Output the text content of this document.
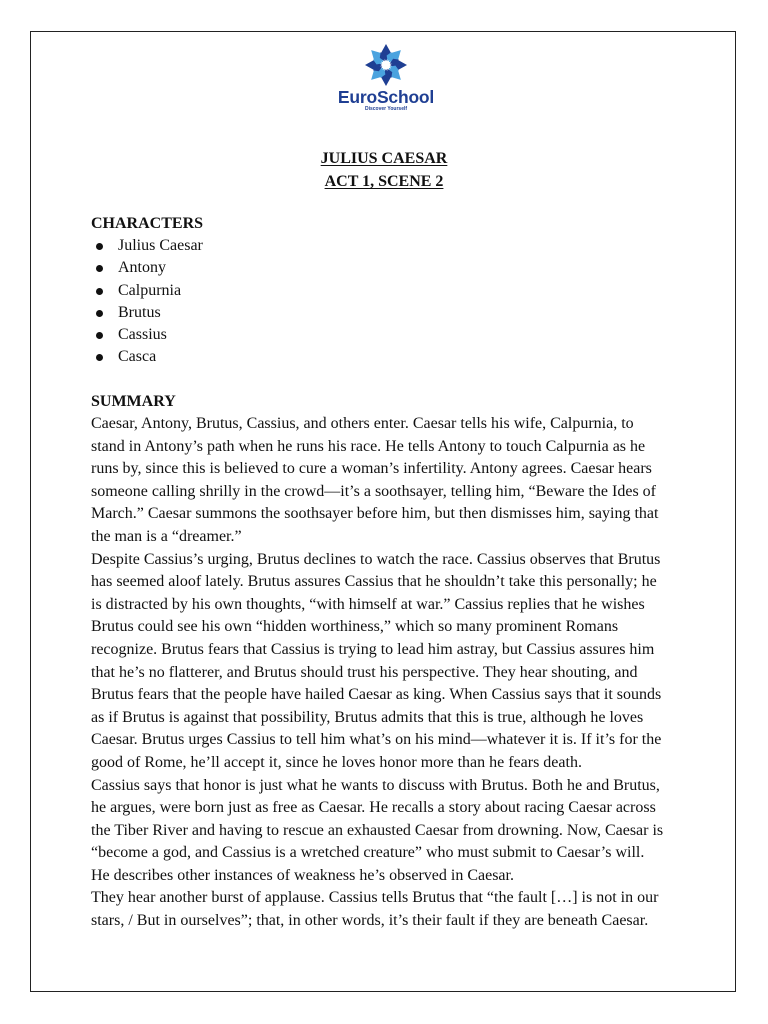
EuroSchool
Discover Yourself
JULIUS CAESAR
ACT 1, SCENE 2
CHARACTERS
Julius Caesar
Antony
Calpurnia
Brutus
Cassius
Casca
SUMMARY
Caesar, Antony, Brutus, Cassius, and others enter. Caesar tells his wife, Calpurnia, to
stand in Antony’s path when he runs his race. He tells Antony to touch Calpurnia as he
runs by, since this is believed to cure a woman’s infertility. Antony agrees. Caesar hears
someone calling shrilly in the crowd—it’s a soothsayer, telling him, “Beware the Ides of
March.” Caesar summons the soothsayer before him, but then dismisses him, saying that
the man is a “dreamer.”
Despite Cassius’s urging, Brutus declines to watch the race. Cassius observes that Brutus
has seemed aloof lately. Brutus assures Cassius that he shouldn’t take this personally; he
is distracted by his own thoughts, “with himself at war.” Cassius replies that he wishes
Brutus could see his own “hidden worthiness,” which so many prominent Romans
recognize. Brutus fears that Cassius is trying to lead him astray, but Cassius assures him
that he’s no flatterer, and Brutus should trust his perspective. They hear shouting, and
Brutus fears that the people have hailed Caesar as king. When Cassius says that it sounds
as if Brutus is against that possibility, Brutus admits that this is true, although he loves
Caesar. Brutus urges Cassius to tell him what’s on his mind—whatever it is. If it’s for the
good of Rome, he’ll accept it, since he loves honor more than he fears death.
Cassius says that honor is just what he wants to discuss with Brutus. Both he and Brutus,
he argues, were born just as free as Caesar. He recalls a story about racing Caesar across
the Tiber River and having to rescue an exhausted Caesar from drowning. Now, Caesar is
“become a god, and Cassius is a wretched creature” who must submit to Caesar’s will.
He describes other instances of weakness he’s observed in Caesar.
They hear another burst of applause. Cassius tells Brutus that “the fault […] is not in our
stars, / But in ourselves”; that, in other words, it’s their fault if they are beneath Caesar.
